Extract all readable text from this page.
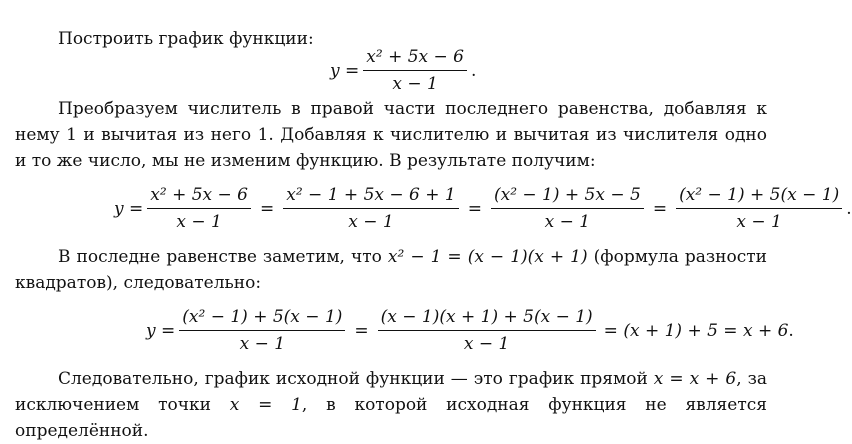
Построить график функции:

$y = \frac{\text{x² + 5x − 6}}{x - 1}$ .

Преобразуем числитель в правой части последнего равенства, добавляя к нему 1 и вычитая из него 1. Добавляя к числителю и вычитая из числителя одно и то же число, мы не изменим функцию. В результате получим:

$y = \frac{\text{x² + 5x − 6}}{x - 1} = \frac{\text{x² − 1 + 5x − 6 + 1}}{x - 1} = \frac{\text{(x² − 1) + 5x − 5}}{x - 1} = \frac{\text{(x² − 1) + 5(x − 1)}}{x - 1}$ .

В последне равенстве заметим, что x² − 1 = (x − 1)(x + 1) (формула разности квадратов), следовательно:

$y = \frac{\text{(x² − 1) + 5(x − 1)}}{x - 1} = \frac{(x - 1)(x + 1) + 5(x - 1)}{x - 1} = (x + 1) + 5 = x + 6$ .

Следовательно, график исходной функции — это график прямой x = x + 6, за исключением точки x = 1, в которой исходная функция не является определённой.
